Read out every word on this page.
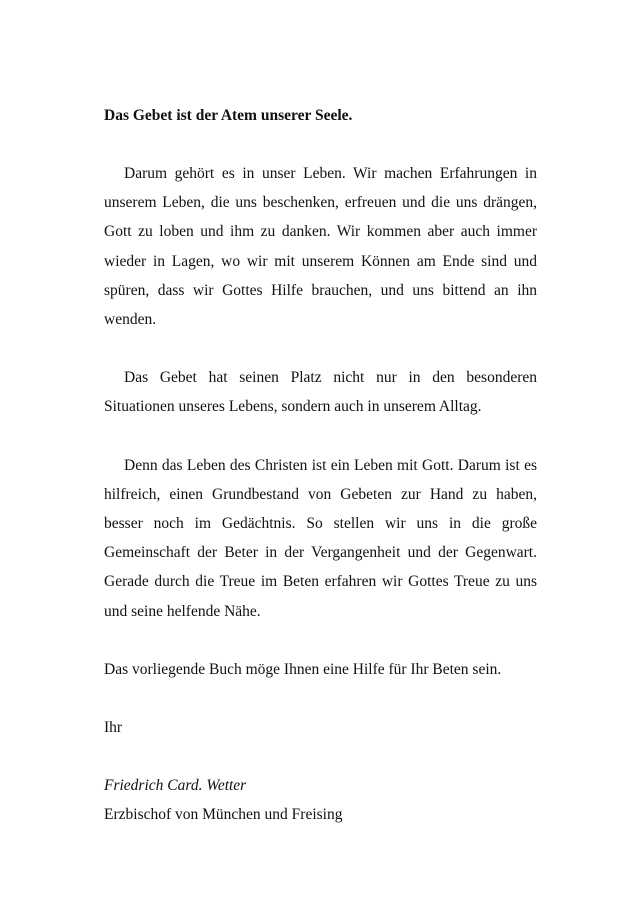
Das Gebet ist der Atem unserer Seele.

Darum gehört es in unser Leben. Wir machen Erfahrungen in unserem Leben, die uns beschenken, erfreuen und die uns drängen, Gott zu loben und ihm zu danken. Wir kommen aber auch immer wieder in Lagen, wo wir mit unserem Können am Ende sind und spüren, dass wir Gottes Hilfe brauchen, und uns bittend an ihn wenden.

Das Gebet hat seinen Platz nicht nur in den besonderen Situationen unseres Lebens, sondern auch in unserem Alltag.

Denn das Leben des Christen ist ein Leben mit Gott. Darum ist es hilfreich, einen Grundbestand von Gebeten zur Hand zu haben, besser noch im Gedächtnis. So stellen wir uns in die große Gemeinschaft der Beter in der Vergangenheit und der Gegenwart. Gerade durch die Treue im Beten erfahren wir Gottes Treue zu uns und seine helfende Nähe.

Das vorliegende Buch möge Ihnen eine Hilfe für Ihr Beten sein.

Ihr

Friedrich Card. Wetter

Erzbischof von München und Freising
